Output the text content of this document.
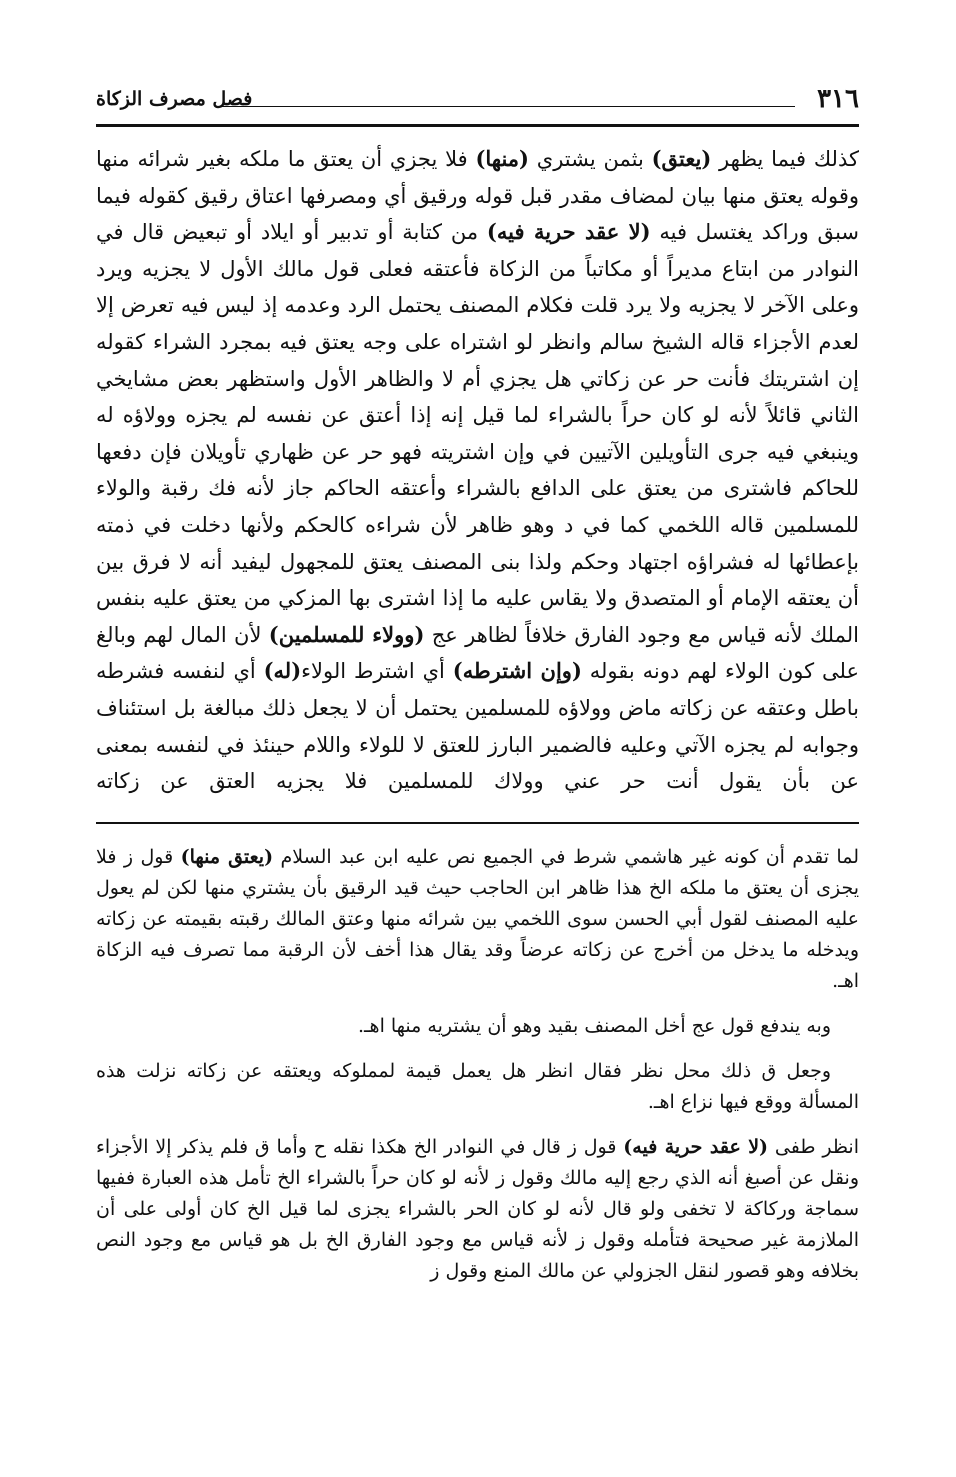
٣١٦
فصل مصرف الزكاة

كذلك فيما يظهر (يعتق) بثمن يشتري (منها) فلا يجزي أن يعتق ما ملكه بغير شرائه منها وقوله يعتق منها بيان لمضاف مقدر قبل قوله ورقيق أي ومصرفها اعتاق رقيق كقوله فيما سبق وراكد يغتسل فيه (لا عقد حرية فيه) من كتابة أو تدبير أو ايلاد أو تبعيض قال في النوادر من ابتاع مديراً أو مكاتباً من الزكاة فأعتقه فعلى قول مالك الأول لا يجزيه ويرد وعلى الآخر لا يجزيه ولا يرد قلت فكلام المصنف يحتمل الرد وعدمه إذ ليس فيه تعرض إلا لعدم الأجزاء قاله الشيخ سالم وانظر لو اشتراه على وجه يعتق فيه بمجرد الشراء كقوله إن اشتريتك فأنت حر عن زكاتي هل يجزي أم لا والظاهر الأول واستظهر بعض مشايخي الثاني قائلاً لأنه لو كان حراً بالشراء لما قيل إنه إذا أعتق عن نفسه لم يجزه وولاؤه له وينبغي فيه جرى التأويلين الآتيين في وإن اشتريته فهو حر عن ظهاري تأويلان فإن دفعها للحاكم فاشترى من يعتق على الدافع بالشراء وأعتقه الحاكم جاز لأنه فك رقبة والولاء للمسلمين قاله اللخمي كما في د وهو ظاهر لأن شراءه كالحكم ولأنها دخلت في ذمته بإعطائها له فشراؤه اجتهاد وحكم ولذا بنى المصنف يعتق للمجهول ليفيد أنه لا فرق بين أن يعتقه الإمام أو المتصدق ولا يقاس عليه ما إذا اشترى بها المزكي من يعتق عليه بنفس الملك لأنه قياس مع وجود الفارق خلافاً لظاهر عج (وولاء للمسلمين) لأن المال لهم وبالغ على كون الولاء لهم دونه بقوله (وإن اشترطه) أي اشترط الولاء(له) أي لنفسه فشرطه باطل وعتقه عن زكاته ماض وولاؤه للمسلمين يحتمل أن لا يجعل ذلك مبالغة بل استئناف وجوابه لم يجزه الآتي وعليه فالضمير البارز للعتق لا للولاء واللام حينئذ في لنفسه بمعنى عن بأن يقول أنت حر عني وولاك للمسلمين فلا يجزيه العتق عن زكاته

لما تقدم أن كونه غير هاشمي شرط في الجميع نص عليه ابن عبد السلام (يعتق منها) قول ز فلا يجزى أن يعتق ما ملكه الخ هذا ظاهر ابن الحاجب حيث قيد الرقيق بأن يشتري منها لكن لم يعول عليه المصنف لقول أبي الحسن سوى اللخمي بين شرائه منها وعتق المالك رقبته بقيمته عن زكاته ويدخله ما يدخل من أخرج عن زكاته عرضاً وقد يقال هذا أخف لأن الرقبة مما تصرف فيه الزكاة اهـ.

وبه يندفع قول عج أخل المصنف بقيد وهو أن يشتريه منها اهـ.

وجعل ق ذلك محل نظر فقال انظر هل يعمل قيمة لمملوكه ويعتقه عن زكاته نزلت هذه المسألة ووقع فيها نزاع اهـ.

انظر طفى (لا عقد حرية فيه) قول ز قال في النوادر الخ هكذا نقله ح وأما ق فلم يذكر إلا الأجزاء ونقل عن أصبغ أنه الذي رجع إليه مالك وقول ز لأنه لو كان حراً بالشراء الخ تأمل هذه العبارة ففيها سماجة وركاكة لا تخفى ولو قال لأنه لو كان الحر بالشراء يجزى لما قيل الخ كان أولى على أن الملازمة غير صحيحة فتأمله وقول ز لأنه قياس مع وجود الفارق الخ بل هو قياس مع وجود النص بخلافه وهو قصور لنقل الجزولي عن مالك المنع وقول ز
